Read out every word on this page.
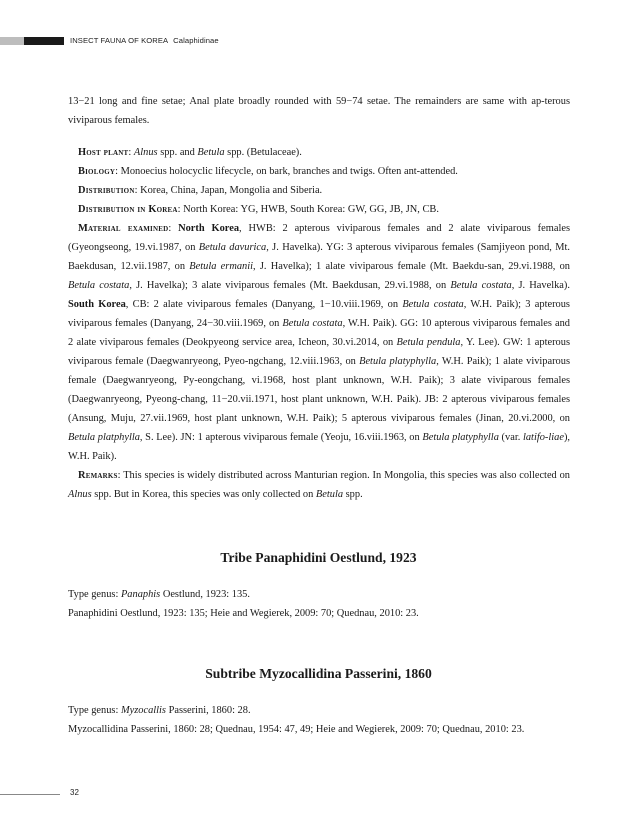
INSECT FAUNA OF KOREA Calaphidinae
13−21 long and fine setae; Anal plate broadly rounded with 59−74 setae. The remainders are same with ap-terous viviparous females.

Host plant: Alnus spp. and Betula spp. (Betulaceae).

Biology: Monoecius holocyclic lifecycle, on bark, branches and twigs. Often ant-attended.

Distribution: Korea, China, Japan, Mongolia and Siberia.

Distribution in Korea: North Korea: YG, HWB, South Korea: GW, GG, JB, JN, CB.

Material examined: North Korea, HWB: 2 apterous viviparous females and 2 alate viviparous females (Gyeongseong, 19.vi.1987, on Betula davurica, J. Havelka). YG: 3 apterous viviparous females (Samjiyeon pond, Mt. Baekdusan, 12.vii.1987, on Betula ermanii, J. Havelka); 1 alate viviparous female (Mt. Baekdu-san, 29.vi.1988, on Betula costata, J. Havelka); 3 alate viviparous females (Mt. Baekdusan, 29.vi.1988, on Betula costata, J. Havelka). South Korea, CB: 2 alate viviparous females (Danyang, 1−10.viii.1969, on Betula costata, W.H. Paik); 3 apterous viviparous females (Danyang, 24−30.viii.1969, on Betula costata, W.H. Paik). GG: 10 apterous viviparous females and 2 alate viviparous females (Deokpyeong service area, Icheon, 30.vi.2014, on Betula pendula, Y. Lee). GW: 1 apterous viviparous female (Daegwanryeong, Pyeo-ngchang, 12.viii.1963, on Betula platyphylla, W.H. Paik); 1 alate viviparous female (Daegwanryeong, Py-eongchang, vi.1968, host plant unknown, W.H. Paik); 3 alate viviparous females (Daegwanryeong, Pyeong-chang, 11−20.vii.1971, host plant unknown, W.H. Paik). JB: 2 apterous viviparous females (Ansung, Muju, 27.vii.1969, host plant unknown, W.H. Paik); 5 apterous viviparous females (Jinan, 20.vi.2000, on Betula platphylla, S. Lee). JN: 1 apterous viviparous female (Yeoju, 16.viii.1963, on Betula platyphylla (var. latifo-liae), W.H. Paik).

Remarks: This species is widely distributed across Manturian region. In Mongolia, this species was also collected on Alnus spp. But in Korea, this species was only collected on Betula spp.

Tribe Panaphidini Oestlund, 1923
Type genus: Panaphis Oestlund, 1923: 135.
Panaphidini Oestlund, 1923: 135; Heie and Wegierek, 2009: 70; Quednau, 2010: 23.
Subtribe Myzocallidina Passerini, 1860
Type genus: Myzocallis Passerini, 1860: 28.
Myzocallidina Passerini, 1860: 28; Quednau, 1954: 47, 49; Heie and Wegierek, 2009: 70; Quednau, 2010: 23.
32
